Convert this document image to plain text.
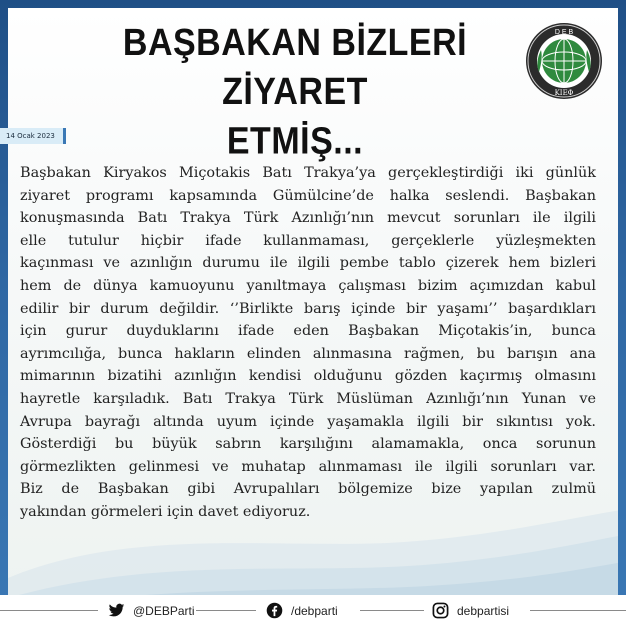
BAŞBAKAN BİZLERİ ZİYARET
ETMİŞ...
D E B
ΚΙΕΦ
14 Ocak 2023
Başbakan Kiryakos Miçotakis Batı Trakya’ya gerçekleştirdiği iki günlük
ziyaret programı kapsamında Gümülcine’de halka seslendi. Başbakan
konuşmasında Batı Trakya Türk Azınlığı’nın mevcut sorunları ile ilgili
elle tutulur hiçbir ifade kullanmaması, gerçeklerle yüzleşmekten
kaçınması ve azınlığın durumu ile ilgili pembe tablo çizerek hem bizleri
hem de dünya kamuoyunu yanıltmaya çalışması bizim açımızdan kabul
edilir bir durum değildir. ‘’Birlikte barış içinde bir yaşamı’’ başardıkları
için gurur duyduklarını ifade eden Başbakan Miçotakis’in, bunca
ayrımcılığa, bunca hakların elinden alınmasına rağmen, bu barışın ana
mimarının bizatihi azınlığın kendisi olduğunu gözden kaçırmış olmasını
hayretle karşıladık. Batı Trakya Türk Müslüman Azınlığı’nın Yunan ve
Avrupa bayrağı altında uyum içinde yaşamakla ilgili bir sıkıntısı yok.
Gösterdiği bu büyük sabrın karşılığını alamamakla, onca sorunun
görmezlikten gelinmesi ve muhatap alınmaması ile ilgili sorunları var.
Biz de Başbakan gibi Avrupalıları bölgemize bize yapılan zulmü
yakından görmeleri için davet ediyoruz.
@DEBParti	/debparti	debpartisi
